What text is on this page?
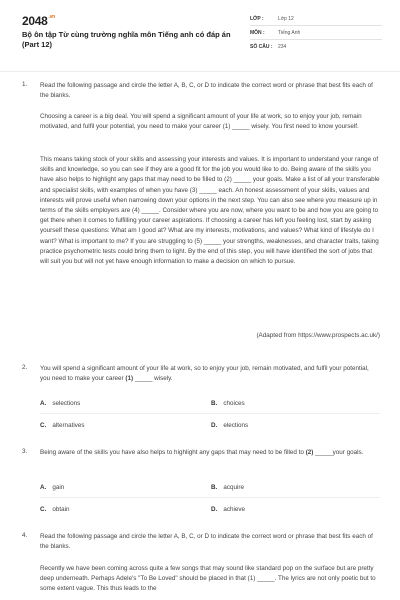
$2048^{.vn}$
Bộ ôn tập Từ cùng trường nghĩa môn Tiếng anh có đáp án (Part 12)
LỚP :	Lớp 12
MÔN :	Tiếng Anh
SỐ CÂU :	234
1. Read the following passage and circle the letter A, B, C, or D to indicate the correct word or phrase that best fits each of the blanks.
Choosing a career is a big deal. You will spend a significant amount of your life at work, so to enjoy your job, remain motivated, and fulfil your potential, you need to make your career (1) _____ wisely. You first need to know yourself.
This means taking stock of your skills and assessing your interests and values. It is important to understand your range of skills and knowledge, so you can see if they are a good fit for the job you would like to do. Being aware of the skills you have also helps to highlight any gaps that may need to be filled to (2) _____ your goals. Make a list of all your transferable and specialist skills, with examples of when you have (3) _____ each. An honest assessment of your skills, values and interests will prove useful when narrowing down your options in the next step. You can also see where you measure up in terms of the skills employers are (4) _____. Consider where you are now, where you want to be and how you are going to get there when it comes to fulfilling your career aspirations. If choosing a career has left you feeling lost, start by asking yourself these questions: What am I good at? What are my interests, motivations, and values? What kind of lifestyle do I want? What is important to me? If you are struggling to (5) _____ your strengths, weaknesses, and character traits, taking practice psychometric tests could bring them to light. By the end of this step, you will have identified the sort of jobs that will suit you but will not yet have enough information to make a decision on which to pursue.
(Adapted from https://www.prospects.ac.uk/)
2. You will spend a significant amount of your life at work, so to enjoy your job, remain motivated, and fulfil your potential, you need to make your career (1) _____ wisely.
A. selections	B. choices
C. alternatives	D. elections
3. Being aware of the skills you have also helps to highlight any gaps that may need to be filled to (2) _____your goals.
A. gain	B. acquire
C. obtain	D. achieve
4. Read the following passage and circle the letter A, B, C, or D to indicate the correct word or phrase that best fits each of the blanks.
Recently we have been coming across quite a few songs that may sound like standard pop on the surface but are pretty deep underneath. Perhaps Adele's "To Be Loved" should be placed in that (1) _____. The lyrics are not only poetic but to some extent vague. This thus leads to the
